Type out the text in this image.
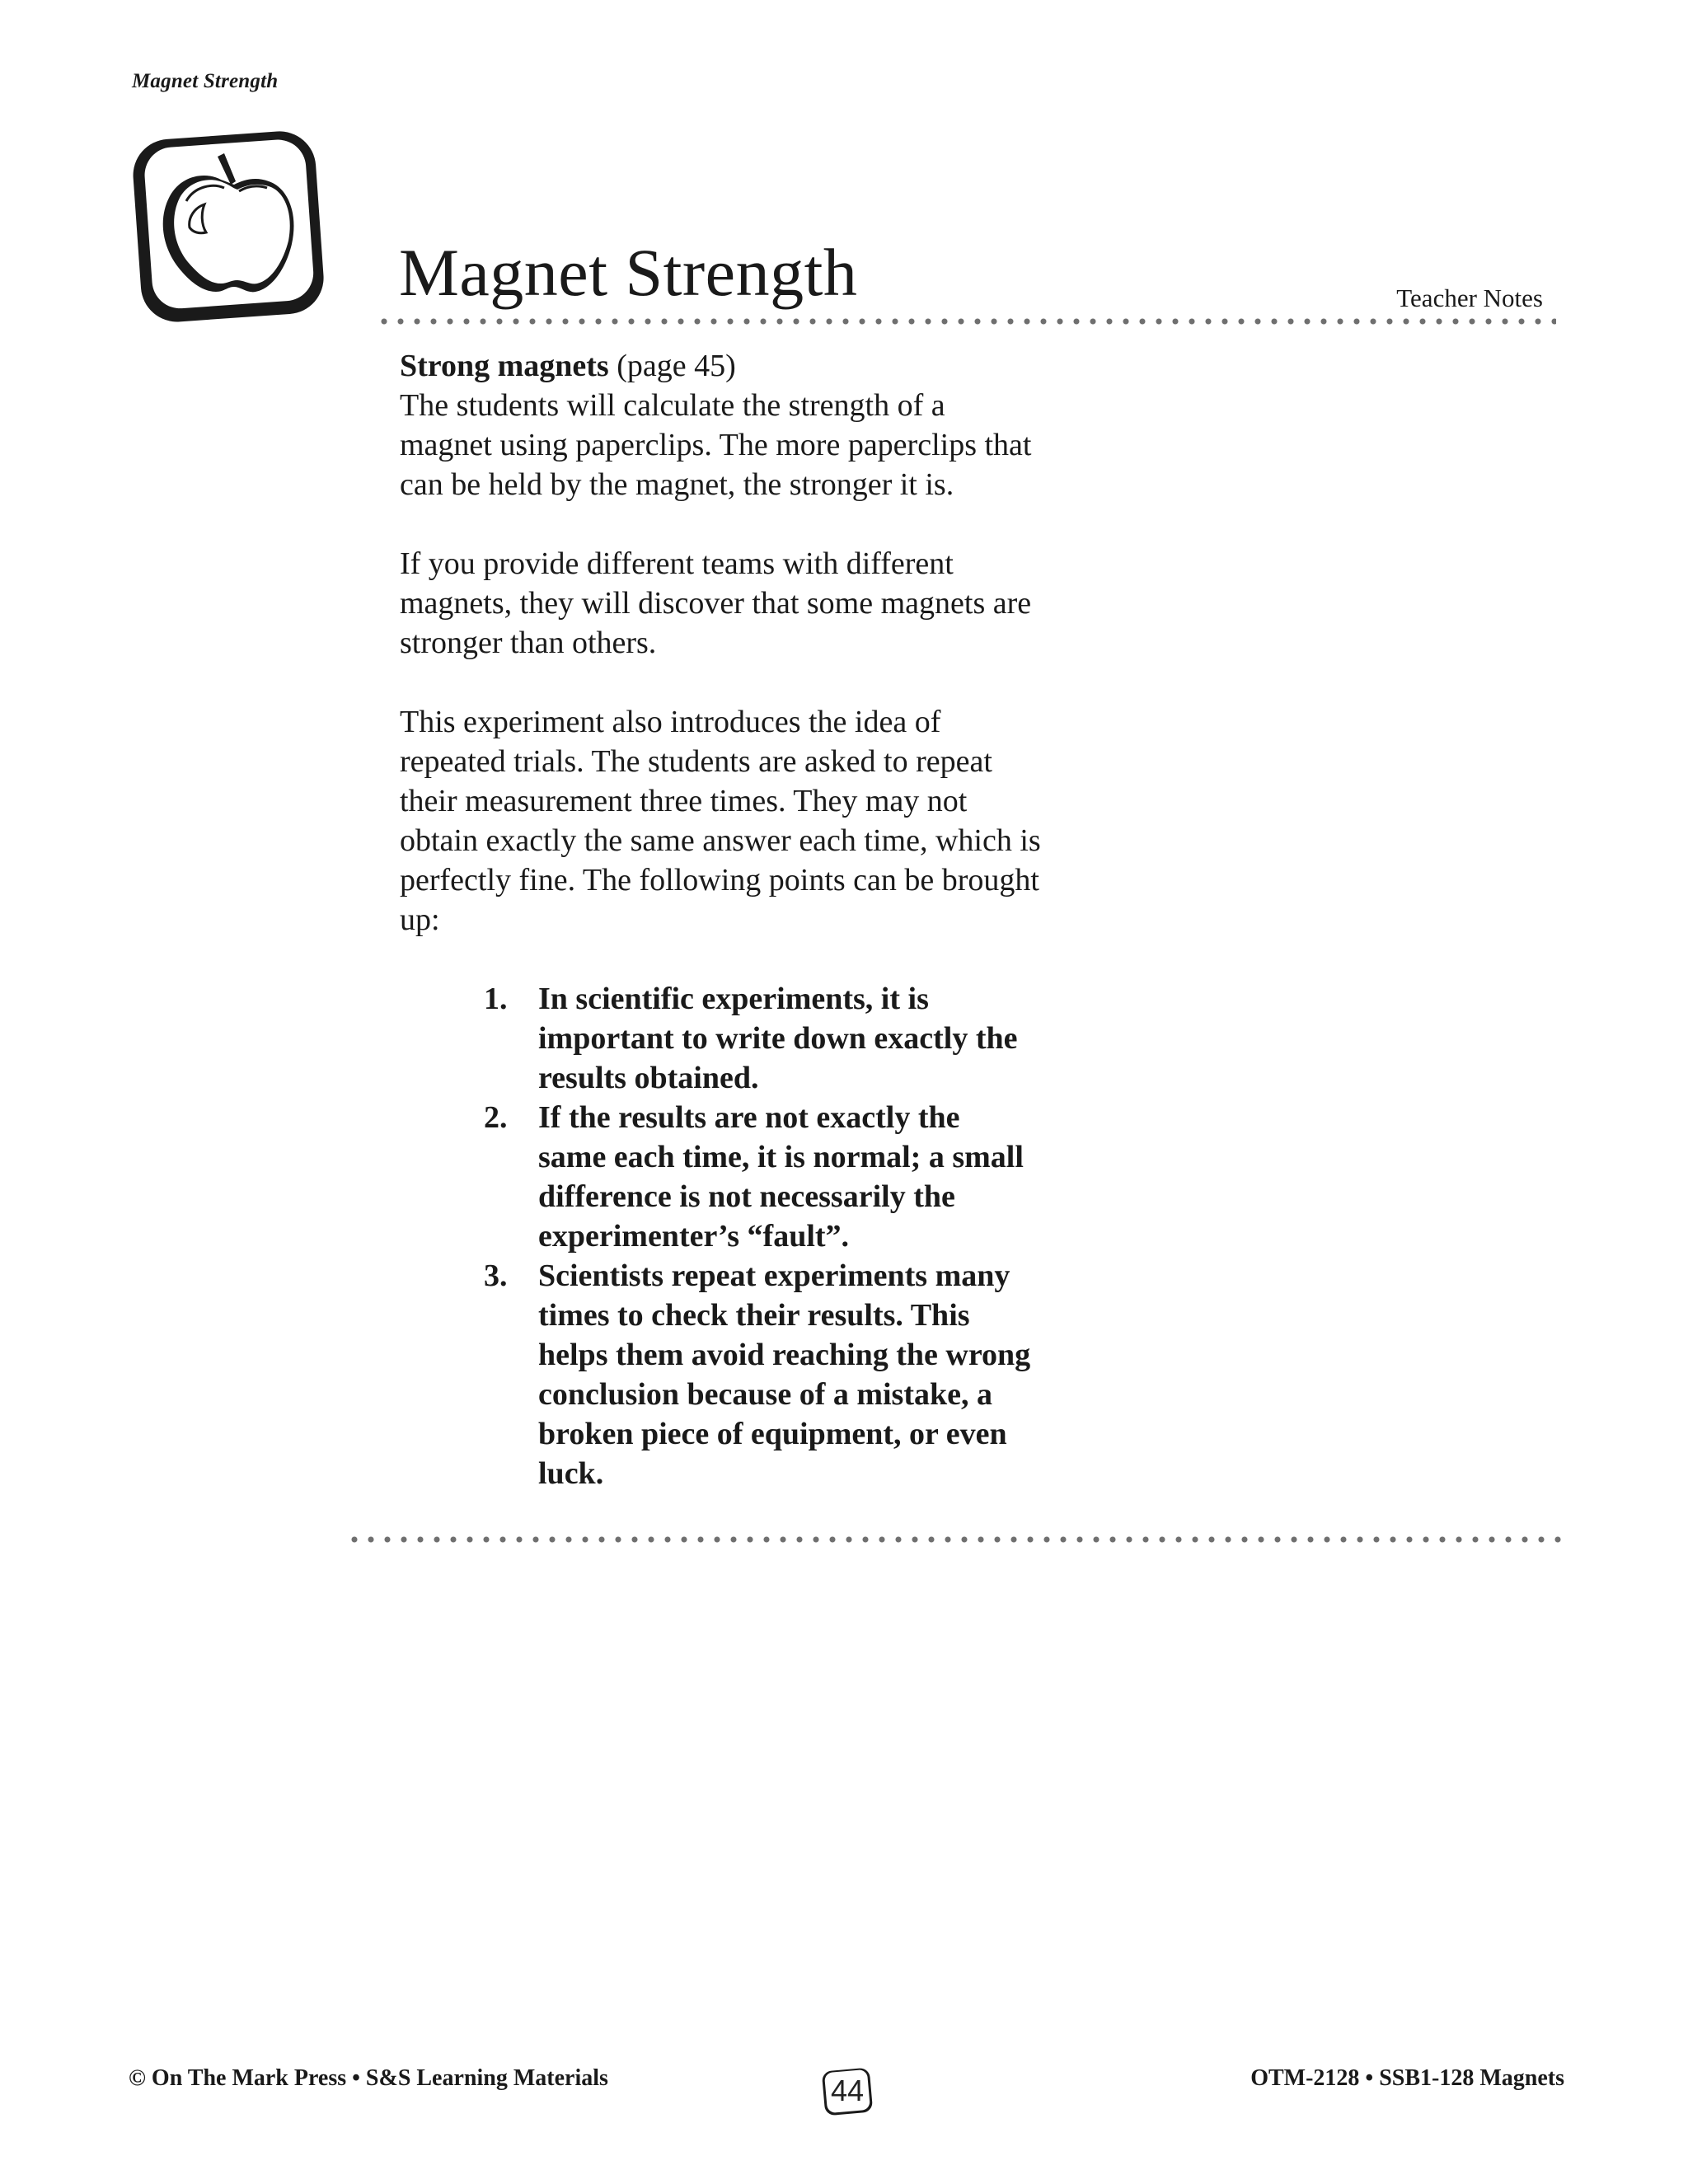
Magnet Strength
Magnet Strength	Teacher Notes

Strong magnets (page 45)
The students will calculate the strength of a
magnet using paperclips. The more paperclips that
can be held by the magnet, the stronger it is.

If you provide different teams with different
magnets, they will discover that some magnets are
stronger than others.

This experiment also introduces the idea of
repeated trials. The students are asked to repeat
their measurement three times. They may not
obtain exactly the same answer each time, which is
perfectly fine. The following points can be brought
up:

1. In scientific experiments, it is
important to write down exactly the
results obtained.
2. If the results are not exactly the
same each time, it is normal; a small
difference is not necessarily the
experimenter’s “fault”.
3. Scientists repeat experiments many
times to check their results. This
helps them avoid reaching the wrong
conclusion because of a mistake, a
broken piece of equipment, or even
luck.
© On The Mark Press • S&S Learning Materials	44	OTM-2128 • SSB1-128 Magnets
